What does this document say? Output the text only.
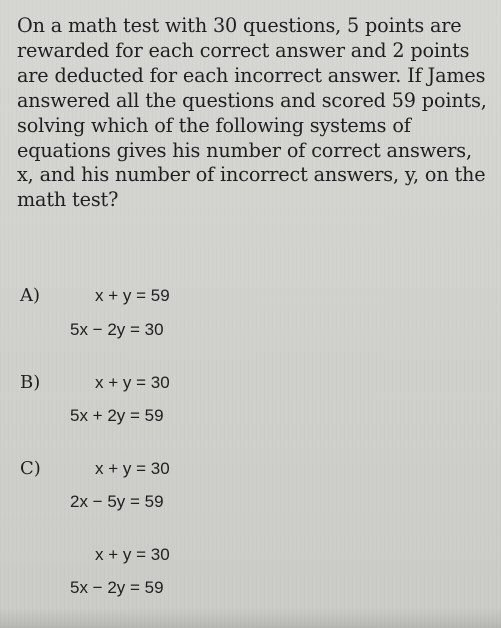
On a math test with 30 questions, 5 points are rewarded for each correct answer and 2 points are deducted for each incorrect answer. If James answered all the questions and scored 59 points, solving which of the following systems of equations gives his number of correct answers, x, and his number of incorrect answers, y, on the math test?

A)	x + y = 59
5x − 2y = 30
B)	x + y = 30
5x + 2y = 59
C)	x + y = 30
2x − 5y = 59
x + y = 30
5x − 2y = 59
